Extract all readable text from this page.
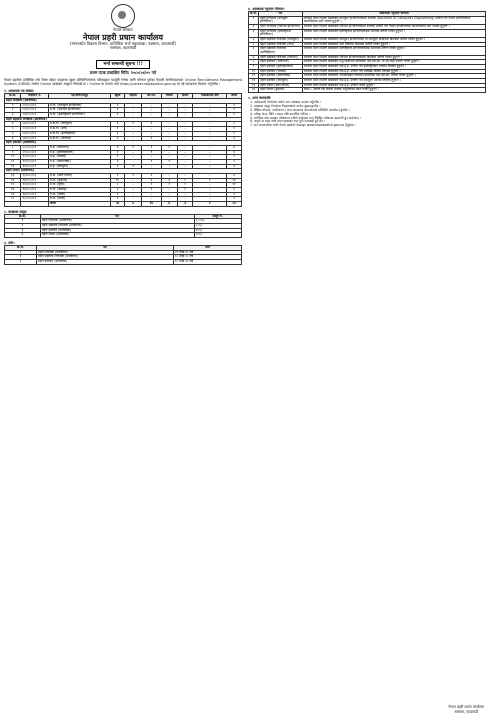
नेपाल सरकार
नेपाल प्रहरी प्रधान कार्यालय
(मानवश्रोत विकास विभाग, प्राविधिक भर्ना महाशाखा, नक्साल, काठमाडौं)
नक्साल, काठमाडौं
भर्ना सम्बन्धी सूचना !!!
प्रथम पटक प्रकाशित मिति: २०८०/०४/०५ गते
नेपाल प्रहरीमा प्राविधिक तर्फ रिक्त रहेका पदहरुमा खुला प्रतियोगितात्मक परीक्षाद्वारा पदपूर्ति गर्नका लागि योग्यता पुगेका नेपाली नागरिकहरुबाट Online Recruitment Management System (ORMS) मार्फत Online दरखास्त आह्वान गरिएको छ । Online मा फाराम भर्दा https://career.nepalpolice.gov.np मा गई आवश्यक विवरण भर्नुपर्नेछ ।
१. आवश्यक पद संख्या:
क्र.सं.	विज्ञापन नं.	पद/श्रेणी/समूह	खुला	महिला	आ.जा.	मधेसी	दलित	पिछडिएको क्षेत्र	जम्मा
प्रहरी निरीक्षक (प्राविधिक)									
१	०१/०८०/८१	प्र.नि. (कम्प्युटर इन्जिनियर)	२	–	–	–	–	–	२
२	०२/०८०/८१	प्र.नि. (सिभिल इन्जिनियर)	१	–	–	–	–	–	१
३	०३/०८०/८१	प्र.नि. (इलेक्ट्रिकल इन्जिनियर)	१	–	–	–	–	–	१
प्रहरी सहायक निरीक्षक (प्राविधिक)									
४	०४/०८०/८१	प्र.स.नि. (कम्प्युटर)	३	१	१	–	–	–	५
५	०५/०८०/८१	प्र.स.नि. (सर्भे)	१	–	–	–	–	–	१
६	०६/०८०/८१	प्र.स.नि. (इलेक्ट्रिकल)	१	–	–	–	–	–	१
७	०७/०८०/८१	प्र.स.नि. (सिभिल)	२	–	१	–	–	–	३
प्रहरी हवल्दार (प्राविधिक)									
८	०८/०८०/८१	प्र.ह. (भेटेरिनरी)	४	१	१	१	–	–	७
९	०९/०८०/८१	प्र.ह. (इलेक्ट्रिसियन)	२	–	१	–	–	–	३
१०	१०/०८०/८१	प्र.ह. (प्लम्बर)	१	–	–	–	–	–	१
११	११/०८०/८१	प्र.ह. (मेकानिक्स)	३	–	१	१	–	–	५
१२	१२/०८०/८१	प्र.ह. (कम्प्युटर)	२	१	–	–	–	–	३
प्रहरी जवान (प्राविधिक)									
१३	१३/०८०/८१	प्र.ज. (स्टोर कीपर)	२	१	१	–	–	–	४
१४	१४/०८०/८१	प्र.ज. (ड्राइभर)	१५	–	४	३	१	१	२४
१५	१५/०८०/८१	प्र.ज. (कुक)	८	–	२	१	१	–	१२
१६	१६/०८०/८१	प्र.ज. (सफाइ)	४	–	१	–	१	–	६
१७	१७/०८०/८१	प्र.ज. (धोबी)	२	–	–	–	–	–	२
१८	१८/०८०/८१	प्र.ज. (माली)	१	–	–	–	–	–	१
		जम्मा	५६	४	१४	६	३	१	८४
२. दरखास्त दस्तुर:
क्र.सं.	पद	दस्तुर रु.
१	प्रहरी निरीक्षक (प्राविधिक)	१,०००/-
२	प्रहरी सहायक निरीक्षक (प्राविधिक)	८००/-
३	प्रहरी हवल्दार (प्राविधिक)	६००/-
४	प्रहरी जवान (प्राविधिक)	५००/-
३. उमेर:
क्र.सं.	पद	उमेर
१	प्रहरी निरीक्षक (प्राविधिक)	२१ देखि ३० वर्ष
२	प्रहरी सहायक निरीक्षक (प्राविधिक)	१८ देखि २८ वर्ष
३	प्रहरी हवल्दार (प्राविधिक)	१८ देखि २८ वर्ष
४. आवश्यक न्यूनतम योग्यता:
क्र.सं.	पद	आवश्यक न्यूनतम योग्यता
१	प्रहरी निरीक्षक (कम्प्युटर इन्जिनियर)	मान्यता प्राप्त शिक्षण संस्थाबाट कम्प्युटर इन्जिनियरिङमा स्नातक (Bachelor of Computer Engineering) उत्तीर्ण गरी नेपाल इन्जिनियरिङ काउन्सिलमा दर्ता भएको हुनुपर्ने ।
२	प्रहरी निरीक्षक (सिभिल इन्जिनियर)	मान्यता प्राप्त शिक्षण संस्थाबाट सिभिल इन्जिनियरिङमा स्नातक उत्तीर्ण गरी नेपाल इन्जिनियरिङ काउन्सिलमा दर्ता भएको हुनुपर्ने ।
३	प्रहरी निरीक्षक (इलेक्ट्रिकल इन्जिनियर)	मान्यता प्राप्त शिक्षण संस्थाबाट इलेक्ट्रिकल इन्जिनियरिङमा स्नातक उत्तीर्ण गरेको हुनुपर्ने ।
४	प्रहरी सहायक निरीक्षक (कम्प्युटर)	मान्यता प्राप्त शिक्षण संस्थाबाट कम्प्युटर इन्जिनियरिङ वा कम्प्युटर विज्ञानमा डिप्लोमा उत्तीर्ण गरेको हुनुपर्ने ।
५	प्रहरी सहायक निरीक्षक (सर्भे)	मान्यता प्राप्त शिक्षण संस्थाबाट सर्भे विषयमा डिप्लोमा उत्तीर्ण गरेको हुनुपर्ने ।
६	प्रहरी सहायक निरीक्षक (इलेक्ट्रिकल)	मान्यता प्राप्त शिक्षण संस्थाबाट इलेक्ट्रिकल इन्जिनियरिङमा डिप्लोमा उत्तीर्ण गरेको हुनुपर्ने ।
७	प्रहरी सहायक निरीक्षक (सिभिल)	मान्यता प्राप्त शिक्षण संस्थाबाट सिभिल इन्जिनियरिङमा डिप्लोमा उत्तीर्ण गरेको हुनुपर्ने ।
८	प्रहरी हवल्दार (भेटेरिनरी)	मान्यता प्राप्त शिक्षण संस्थाबाट पशु विज्ञानमा प्राविधिक एस.एल.सी. वा सो सरह उत्तीर्ण गरेको हुनुपर्ने ।
९	प्रहरी हवल्दार (इलेक्ट्रिसियन)	मान्यता प्राप्त शिक्षण संस्थाबाट एस.ई.ई. उत्तीर्ण गरी इलेक्ट्रिसियन तालिम लिएको हुनुपर्ने ।
१०	प्रहरी हवल्दार (प्लम्बर)	मान्यता प्राप्त शिक्षण संस्थाबाट एस.ई.ई. उत्तीर्ण गरी प्लम्बिङ तालिम लिएको हुनुपर्ने ।
११	प्रहरी हवल्दार (मेकानिक्स)	मान्यता प्राप्त शिक्षण संस्थाबाट अटोमोबाइल विषयमा प्राविधिक एस.एल.सी. उत्तीर्ण गरेको हुनुपर्ने ।
१२	प्रहरी हवल्दार (कम्प्युटर)	मान्यता प्राप्त शिक्षण संस्थाबाट एस.ई.ई. उत्तीर्ण गरी कम्प्युटर तालिम लिएको हुनुपर्ने ।
१३	प्रहरी जवान (स्टोर कीपर)	मान्यता प्राप्त शिक्षण संस्थाबाट एस.ई.ई. उत्तीर्ण गरेको हुनुपर्ने ।
१४	प्रहरी जवान (ड्राइभर)	कक्षा ८ उत्तीर्ण गरी सवारी चालक अनुमतिपत्र प्राप्त गरेको हुनुपर्ने ।
५. अन्य जानकारी:
1. उम्मेदवारले Online मार्फत मात्र दरखास्त फाराम भर्नुपर्नेछ ।
2. दरखास्त दस्तुर Online Payment मार्फत बुझाउनुपर्नेछ ।
3. शैक्षिक योग्यता, नागरिकता र अन्य आवश्यक कागजातको प्रतिलिपि अपलोड गर्नुपर्नेछ ।
4. परीक्षा केन्द्र, मिति र समय पछि प्रकाशित गरिनेछ ।
5. शारीरिक तथा स्वास्थ्य परीक्षणमा उत्तीर्ण उम्मेदवार मात्र लिखित परीक्षामा सहभागी हुन पाउनेछन् ।
6. अपूर्ण वा म्याद नाघी प्राप्त दरखास्त उपर कुनै कारबाही हुने छैन ।
7. थप जानकारीका लागि नेपाल प्रहरीको वेबसाइट www.nepalpolice.gov.np हेर्नुहोला ।
नेपाल प्रहरी प्रधान कार्यालय
नक्साल, काठमाडौं
